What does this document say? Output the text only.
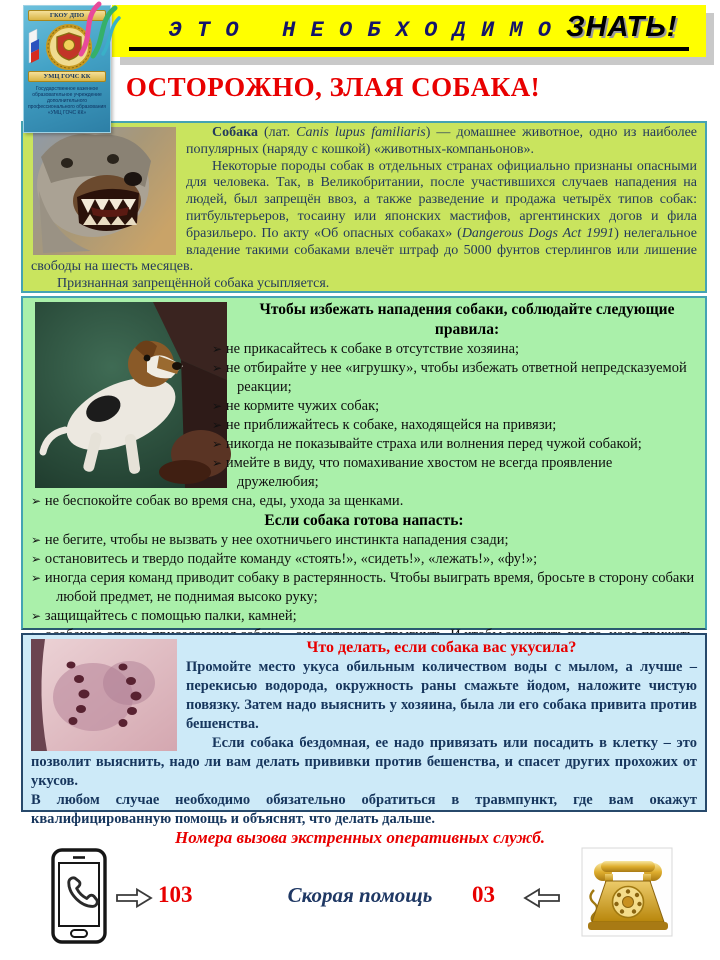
ГКОУ ДПО
УМЦ ГОЧС КК
Государственное казенное образовательное учреждение дополнительного профессионального образования «УМЦ ГОЧС КК»
Э Т О   Н Е О Б Х О Д И М О ЗНАТЬ!
ОСТОРОЖНО, ЗЛАЯ СОБАКА!

Собака (лат. Canis lupus familiaris) — домашнее животное, одно из наиболее популярных (наряду с кошкой) «животных-компаньонов».

Некоторые породы собак в отдельных странах официально признаны опасными для человека. Так, в Великобритании, после участившихся случаев нападения на людей, был запрещён ввоз, а также разведение и продажа четырёх типов собак: питбультерьеров, тосаину или японских мастифов, аргентинских догов и фила бразильеро. По акту «Об опасных собаках» (Dangerous Dogs Act 1991) нелегальное владение такими собаками влечёт штраф до 5000 фунтов стерлингов или лишение свободы на шесть месяцев.

Признанная запрещённой собака усыпляется.

Чтобы избежать нападения собаки, соблюдайте следующие правила:
➢ не прикасайтесь к собаке в отсутствие хозяина;
➢ не отбирайте у нее «игрушку», чтобы избежать ответной непредсказуемой реакции;
➢ не кормите чужих собак;
➢ не приближайтесь к собаке, находящейся на привязи;
➢ никогда не показывайте страха или волнения перед чужой собакой;
➢ имейте в виду, что помахивание хвостом не всегда проявление дружелюбия;
➢ не беспокойте собак во время сна, еды, ухода за щенками.
Если собака готова напасть:
➢ не бегите, чтобы не вызвать у нее охотничьего инстинкта нападения сзади;
➢ остановитесь и твердо подайте команду «стоять!», «сидеть!», «лежать!», «фу!»;
➢ иногда серия команд приводит собаку в растерянность. Чтобы выиграть время, бросьте в сторону собаки любой предмет, не поднимая высоко руку;
➢ защищайтесь с помощью палки, камней;
➢
Что делать, если собака вас укусила?

Промойте место укуса обильным количеством воды с мылом, а лучше – перекисью водорода, окружность раны смажьте йодом, наложите чистую повязку. Затем надо выяснить у хозяина, была ли его собака привита против бешенства.

Если собака бездомная, ее надо привязать или посадить в клетку – это позволит выяснить, надо ли вам делать прививки против бешенства, и спасет других прохожих от укусов.

В любом случае необходимо обязательно обратиться в травмпункт, где вам окажут квалифицированную помощь и объяснят, что делать дальше.

Номера вызова экстренных оперативных служб.
103	Скорая помощь	03
